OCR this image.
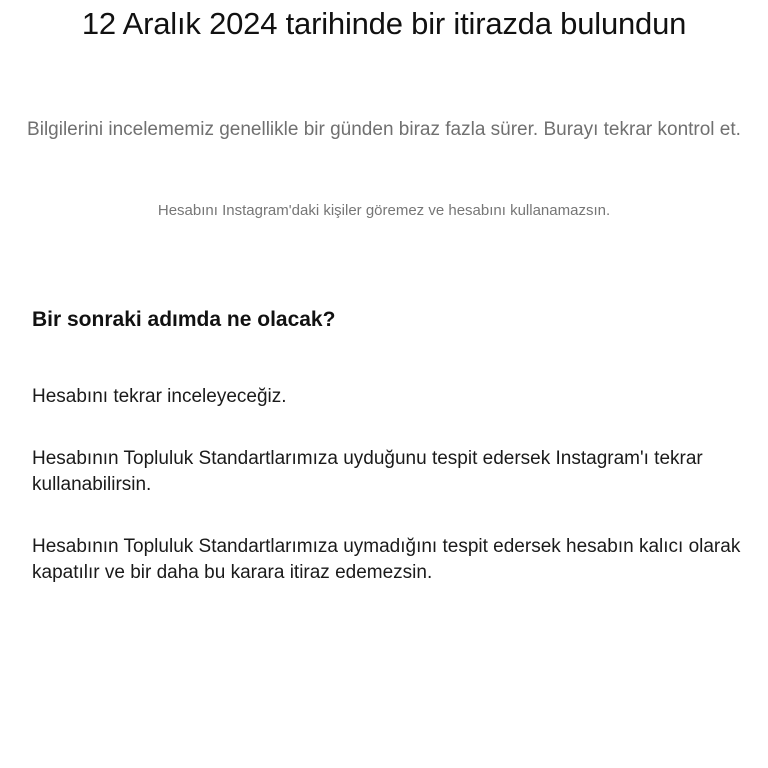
12 Aralık 2024 tarihinde bir itirazda bulundun

Bilgilerini incelememiz genellikle bir günden biraz fazla sürer. Burayı tekrar kontrol et.

Hesabını Instagram'daki kişiler göremez ve hesabını kullanamazsın.

Bir sonraki adımda ne olacak?

Hesabını tekrar inceleyeceğiz.

Hesabının Topluluk Standartlarımıza uyduğunu tespit edersek Instagram'ı tekrar kullanabilirsin.

Hesabının Topluluk Standartlarımıza uymadığını tespit edersek hesabın kalıcı olarak kapatılır ve bir daha bu karara itiraz edemezsin.
